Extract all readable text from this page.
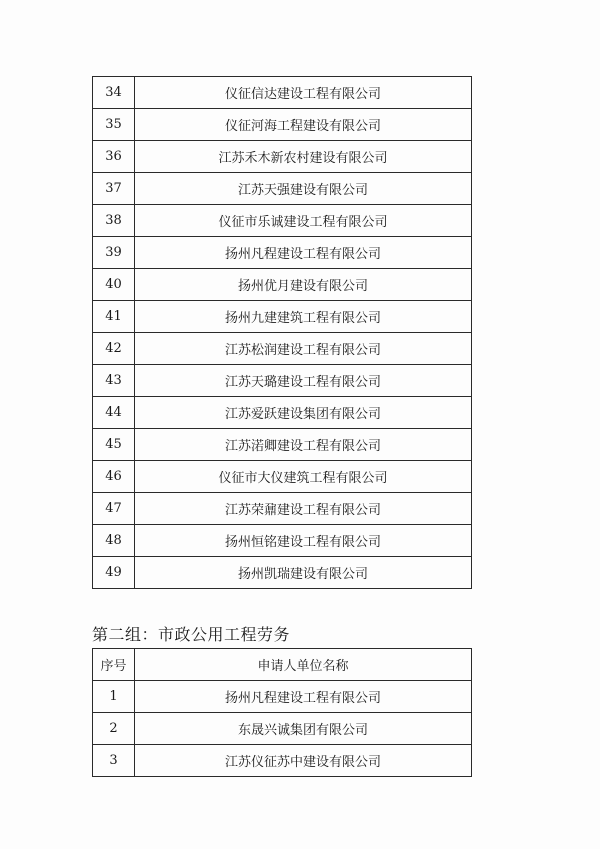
34	仪征信达建设工程有限公司
35	仪征河海工程建设有限公司
36	江苏禾木新农村建设有限公司
37	江苏天强建设有限公司
38	仪征市乐诚建设工程有限公司
39	扬州凡程建设工程有限公司
40	扬州优月建设有限公司
41	扬州九建建筑工程有限公司
42	江苏松润建设工程有限公司
43	江苏天璐建设工程有限公司
44	江苏爱跃建设集团有限公司
45	江苏渃卿建设工程有限公司
46	仪征市大仪建筑工程有限公司
47	江苏荣鼐建设工程有限公司
48	扬州恒铭建设工程有限公司
49	扬州凯瑞建设有限公司
第二组：市政公用工程劳务
序号	申请人单位名称
1	扬州凡程建设工程有限公司
2	东晟兴诚集团有限公司
3	江苏仪征苏中建设有限公司
